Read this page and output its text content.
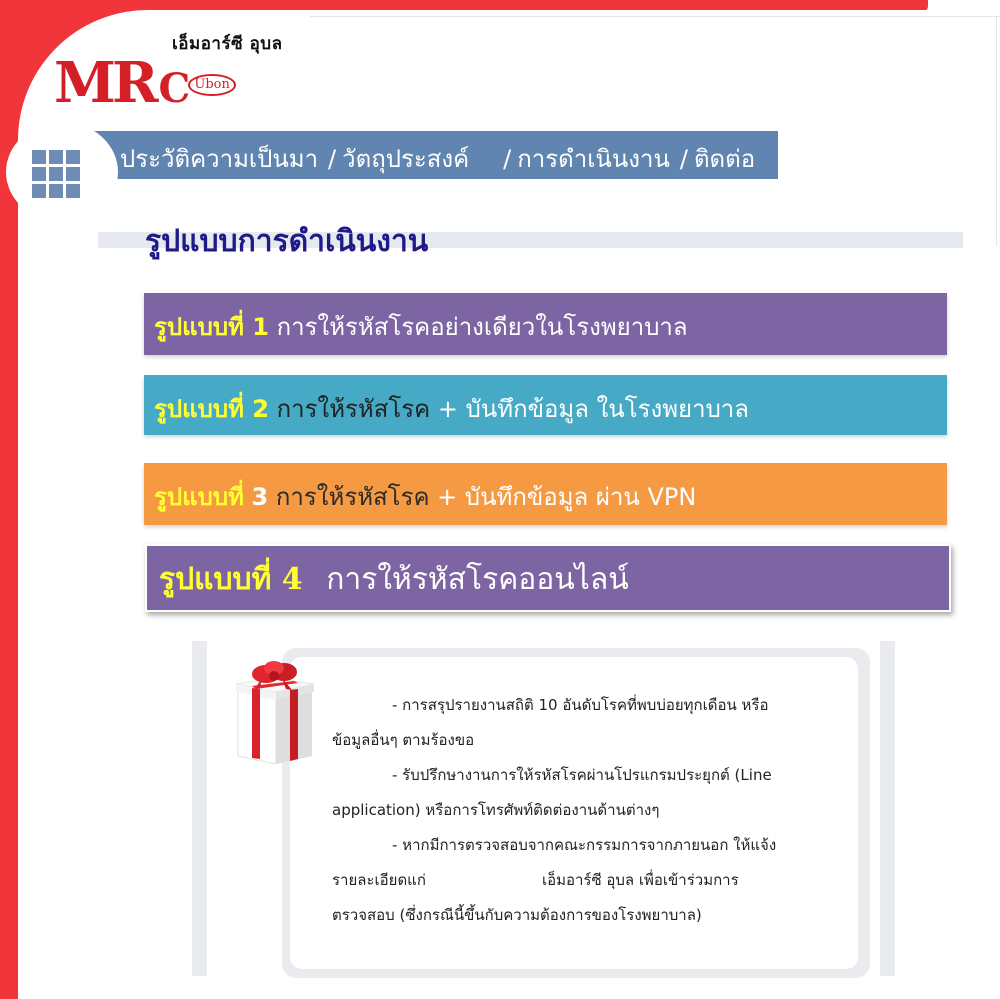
เอ็มอาร์ซี อุบล
MR C Ubon
ประวัติความเป็นมา / วัตถุประสงค์ / การดำเนินงาน / ติดต่อ
รูปแบบการดำเนินงาน
รูปแบบที่ 1 การให้รหัสโรคอย่างเดียวในโรงพยาบาล
รูปแบบที่ 2 การให้รหัสโรค + บันทึกข้อมูล ในโรงพยาบาล
รูปแบบที่ 3 การให้รหัสโรค + บันทึกข้อมูล ผ่าน VPN
รูปแบบที่ 4 การให้รหัสโรคออนไลน์

- การสรุปรายงานสถิติ 10 อันดับโรคที่พบบ่อยทุกเดือน หรือ

ข้อมูลอื่นๆ ตามร้องขอ

- รับปรึกษางานการให้รหัสโรคผ่านโปรแกรมประยุกต์ (Line

application) หรือการโทรศัพท์ติดต่องานด้านต่างๆ

- หากมีการตรวจสอบจากคณะกรรมการจากภายนอก ให้แจ้ง

รายละเอียดแก่	เอ็มอาร์ซี อุบล เพื่อเข้าร่วมการ

ตรวจสอบ (ซึ่งกรณีนี้ขึ้นกับความต้องการของโรงพยาบาล)
